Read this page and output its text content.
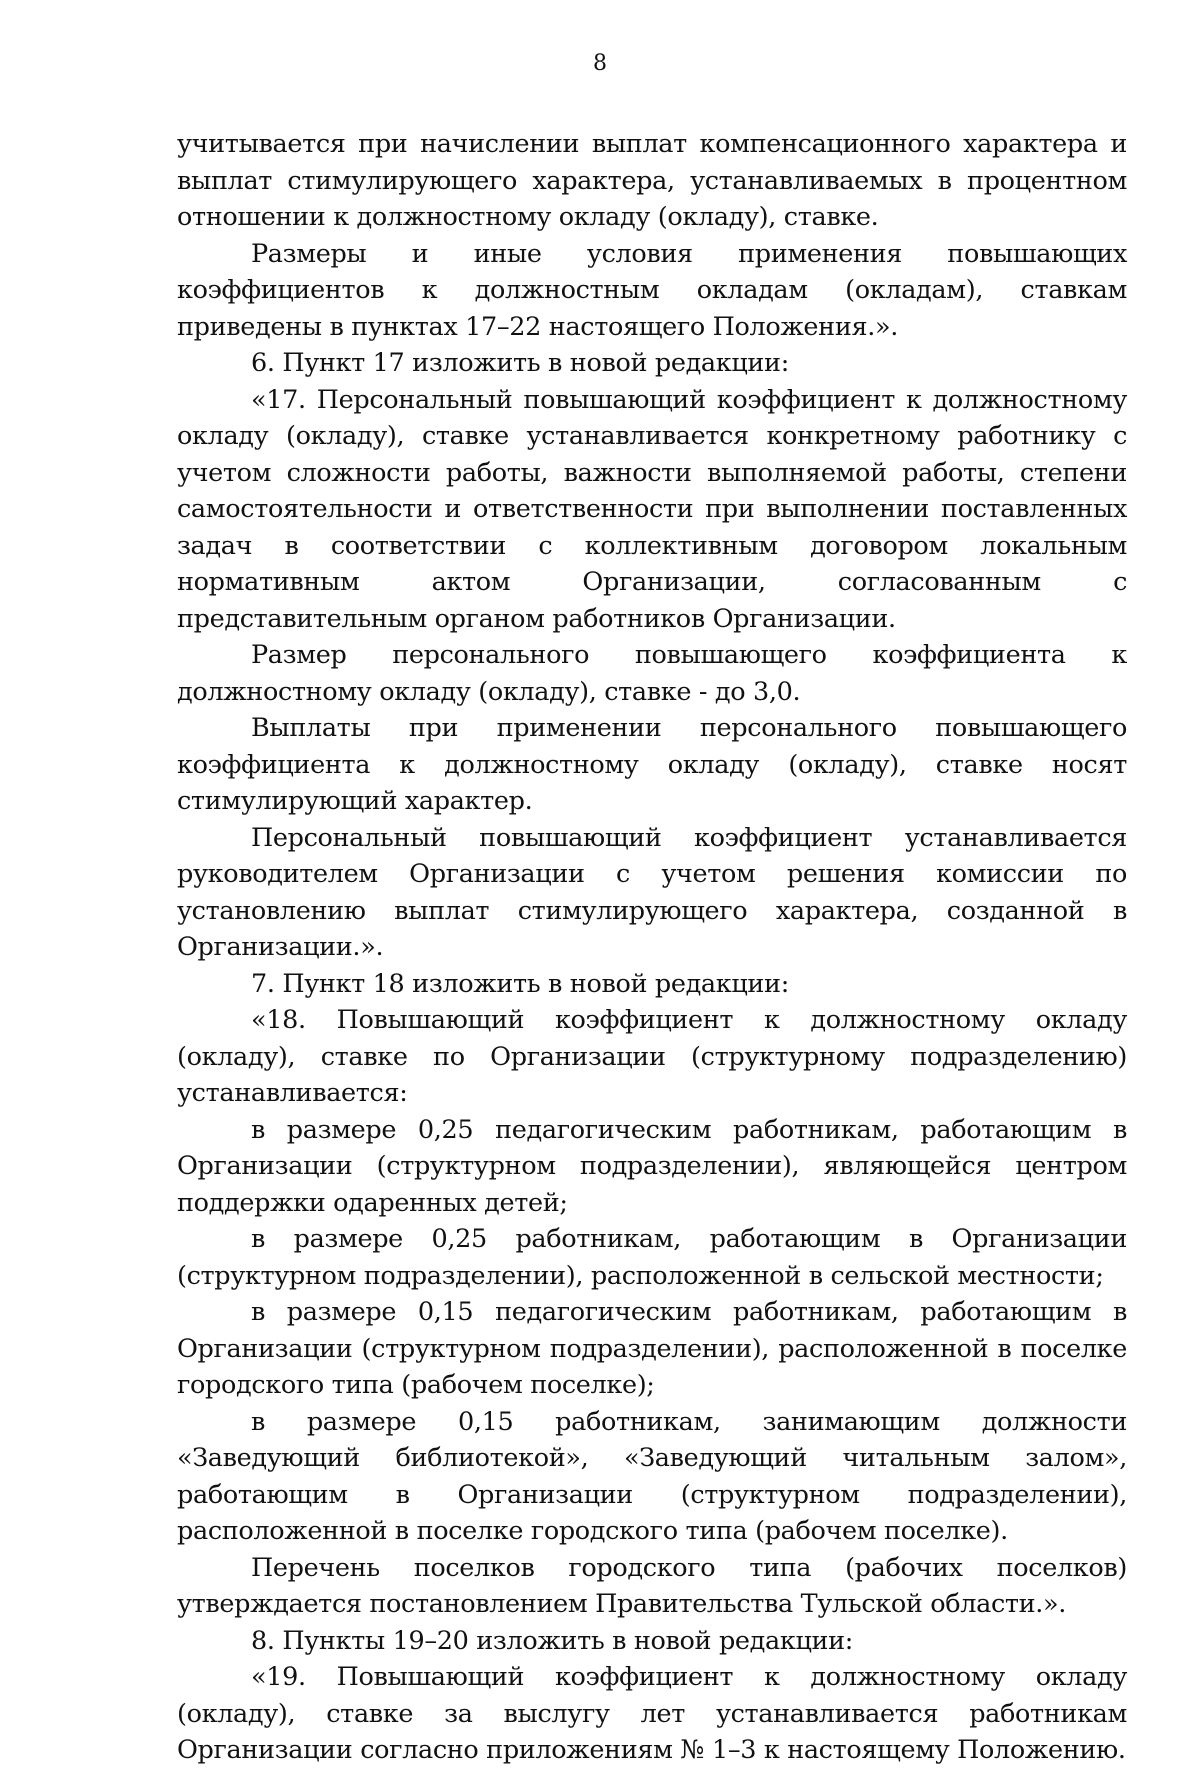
8

учитывается при начислении выплат компенсационного характера и выплат стимулирующего характера, устанавливаемых в процентном отношении к должностному окладу (окладу), ставке.

Размеры и иные условия применения повышающих коэффициентов к должностным окладам (окладам), ставкам приведены в пунктах 17–22 настоящего Положения.».

6. Пункт 17 изложить в новой редакции:

«17. Персональный повышающий коэффициент к должностному окладу (окладу), ставке устанавливается конкретному работнику с учетом сложности работы, важности выполняемой работы, степени самостоятельности и ответственности при выполнении поставленных задач в соответствии с коллективным договором локальным нормативным актом Организации, согласованным с представительным органом работников Организации.

Размер персонального повышающего коэффициента к должностному окладу (окладу), ставке - до 3,0.

Выплаты при применении персонального повышающего коэффициента к должностному окладу (окладу), ставке носят стимулирующий характер.

Персональный повышающий коэффициент устанавливается руководителем Организации с учетом решения комиссии по установлению выплат стимулирующего характера, созданной в Организации.».

7. Пункт 18 изложить в новой редакции:

«18. Повышающий коэффициент к должностному окладу (окладу), ставке по Организации (структурному подразделению) устанавливается:

в размере 0,25 педагогическим работникам, работающим в Организации (структурном подразделении), являющейся центром поддержки одаренных детей;

в размере 0,25 работникам, работающим в Организации (структурном подразделении), расположенной в сельской местности;

в размере 0,15 педагогическим работникам, работающим в Организации (структурном подразделении), расположенной в поселке городского типа (рабочем поселке);

в размере 0,15 работникам, занимающим должности «Заведующий библиотекой», «Заведующий читальным залом», работающим в Организации (структурном подразделении), расположенной в поселке городского типа (рабочем поселке).

Перечень поселков городского типа (рабочих поселков) утверждается постановлением Правительства Тульской области.».

8. Пункты 19–20 изложить в новой редакции:

«19. Повышающий коэффициент к должностному окладу (окладу), ставке за выслугу лет устанавливается работникам Организации согласно приложениям № 1–3 к настоящему Положению.
